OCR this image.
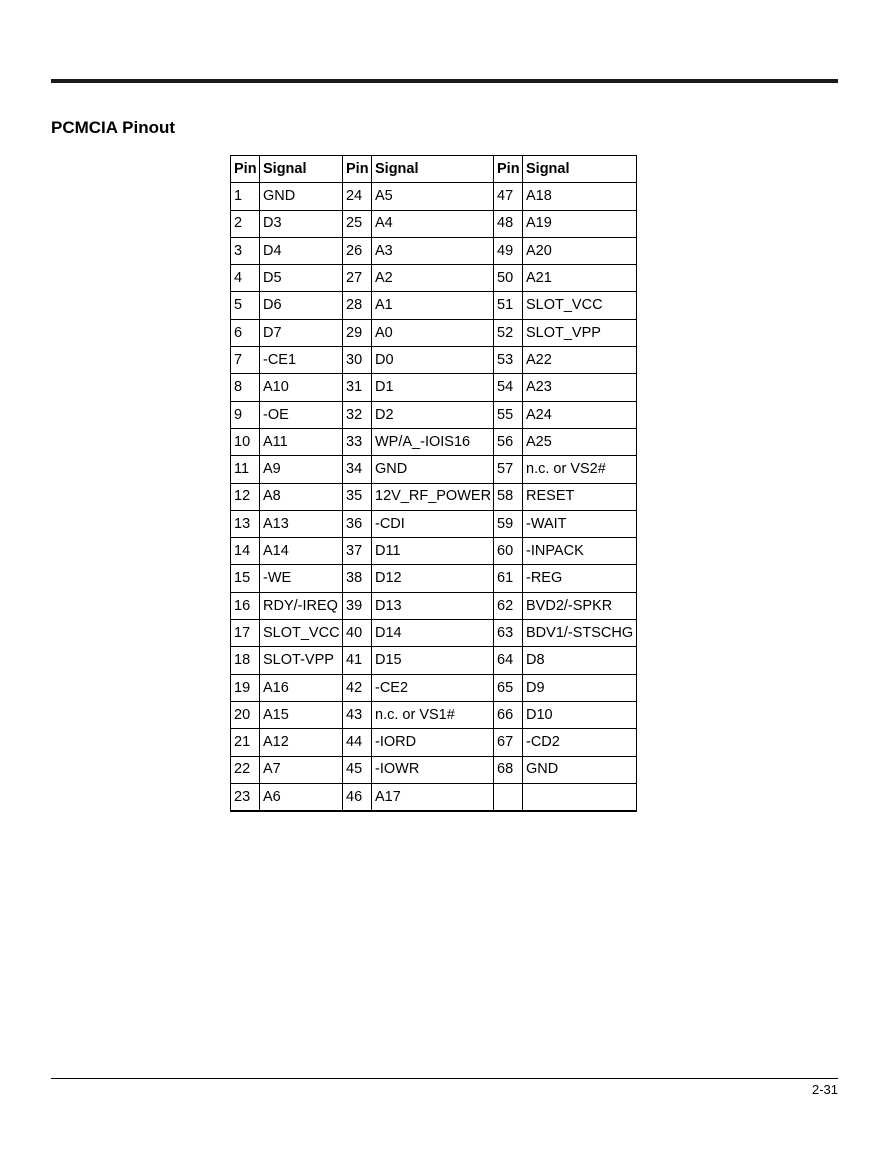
PCMCIA Pinout
Pin	Signal	Pin	Signal	Pin	Signal
1	GND	24	A5	47	A18
2	D3	25	A4	48	A19
3	D4	26	A3	49	A20
4	D5	27	A2	50	A21
5	D6	28	A1	51	SLOT_VCC
6	D7	29	A0	52	SLOT_VPP
7	-CE1	30	D0	53	A22
8	A10	31	D1	54	A23
9	-OE	32	D2	55	A24
10	A11	33	WP/A_-IOIS16	56	A25
11	A9	34	GND	57	n.c. or VS2#
12	A8	35	12V_RF_POWER	58	RESET
13	A13	36	-CDI	59	-WAIT
14	A14	37	D11	60	-INPACK
15	-WE	38	D12	61	-REG
16	RDY/-IREQ	39	D13	62	BVD2/-SPKR
17	SLOT_VCC	40	D14	63	BDV1/-STSCHG
18	SLOT-VPP	41	D15	64	D8
19	A16	42	-CE2	65	D9
20	A15	43	n.c. or VS1#	66	D10
21	A12	44	-IORD	67	-CD2
22	A7	45	-IOWR	68	GND
23	A6	46	A17		
2-31
